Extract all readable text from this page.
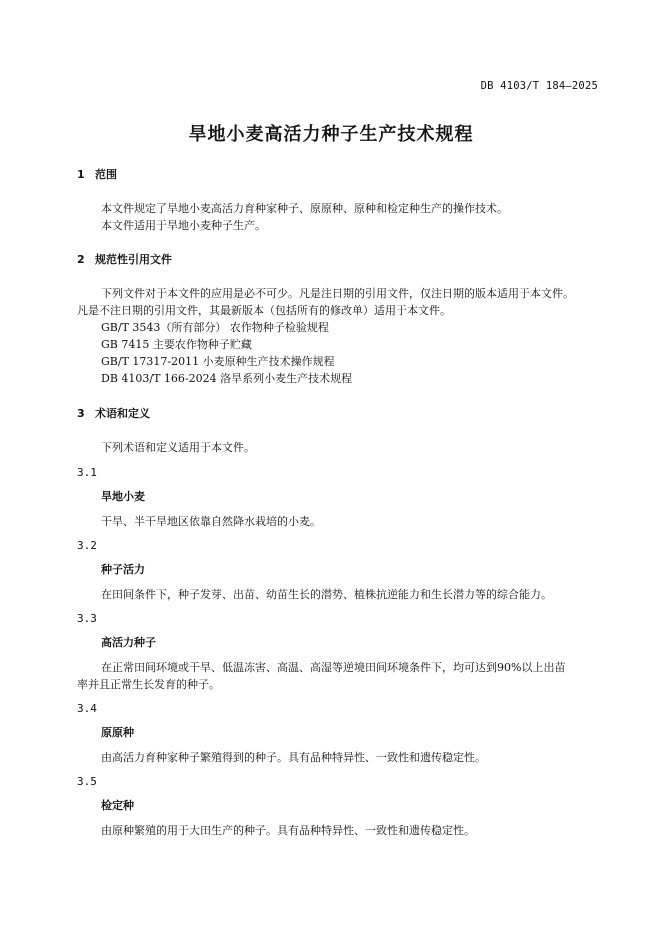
DB 4103/T 184—2025
旱地小麦高活力种子生产技术规程
1 范围
本文件规定了旱地小麦高活力育种家种子、原原种、原种和检定种生产的操作技术。
本文件适用于旱地小麦种子生产。
2 规范性引用文件
下列文件对于本文件的应用是必不可少。凡是注日期的引用文件，仅注日期的版本适用于本文件。
凡是不注日期的引用文件，其最新版本（包括所有的修改单）适用于本文件。
GB/T 3543（所有部分） 农作物种子检验规程
GB 7415 主要农作物种子贮藏
GB/T 17317-2011 小麦原种生产技术操作规程
DB 4103/T 166-2024 洛旱系列小麦生产技术规程
3 术语和定义
下列术语和定义适用于本文件。
3.1
旱地小麦
干旱、半干旱地区依靠自然降水栽培的小麦。
3.2
种子活力
在田间条件下，种子发芽、出苗、幼苗生长的潜势、植株抗逆能力和生长潜力等的综合能力。
3.3
高活力种子
在正常田间环境或干旱、低温冻害、高温、高湿等逆境田间环境条件下，均可达到90%以上出苗
率并且正常生长发育的种子。
3.4
原原种
由高活力育种家种子繁殖得到的种子。具有品种特异性、一致性和遗传稳定性。
3.5
检定种
由原种繁殖的用于大田生产的种子。具有品种特异性、一致性和遗传稳定性。
